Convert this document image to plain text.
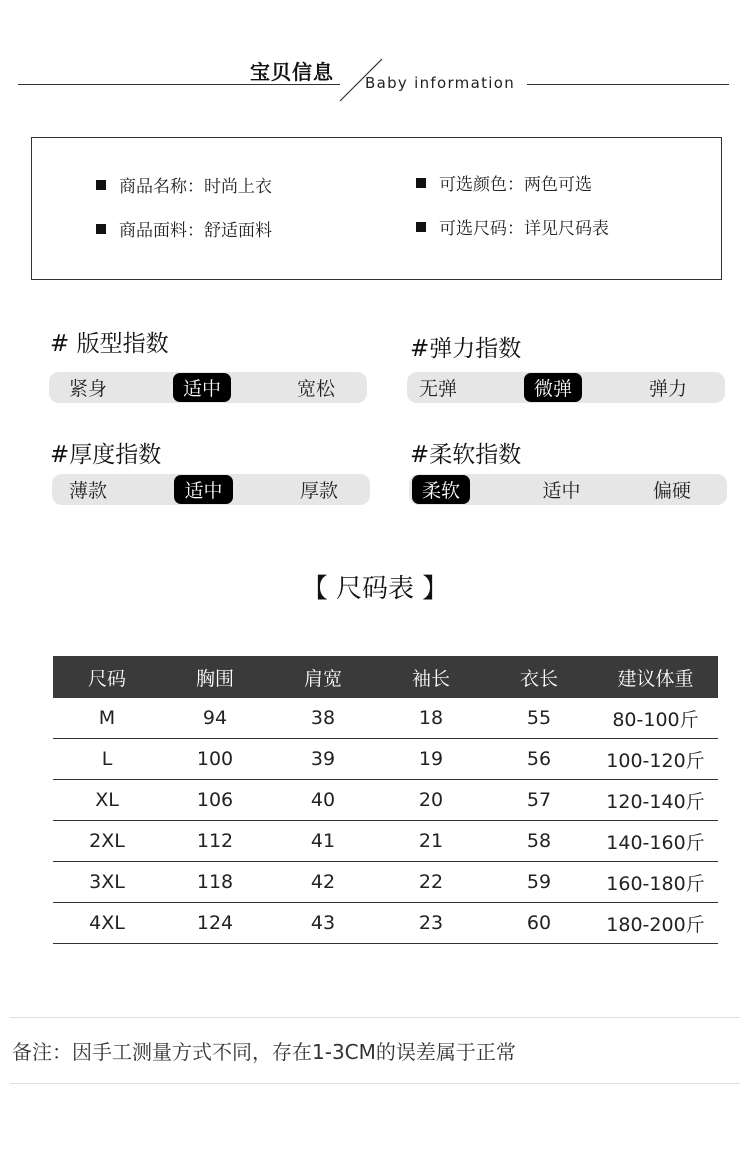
宝贝信息 Baby information
商品名称：时尚上衣	可选颜色：两色可选
商品面料：舒适面料	可选尺码：详见尺码表
# 版型指数
紧身	适中	宽松
#弹力指数
无弹	微弹	弹力
#厚度指数
薄款	适中	厚款
#柔软指数
柔软	适中	偏硬
【 尺码表 】
尺码	胸围	肩宽	袖长	衣长	建议体重
M	94	38	18	55	80-100斤
L	100	39	19	56	100-120斤
XL	106	40	20	57	120-140斤
2XL	112	41	21	58	140-160斤
3XL	118	42	22	59	160-180斤
4XL	124	43	23	60	180-200斤
备注：因手工测量方式不同，存在1-3CM的误差属于正常
